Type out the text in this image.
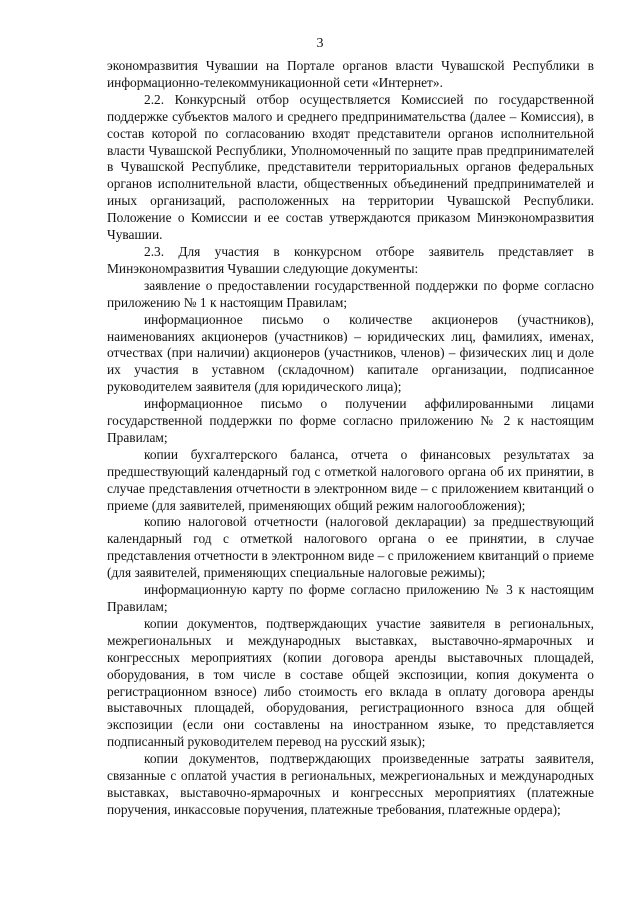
3

экономразвития Чувашии на Портале органов власти Чувашской Республики в информационно-телекоммуникационной сети «Интернет».

2.2. Конкурсный отбор осуществляется Комиссией по государственной поддержке субъектов малого и среднего предпринимательства (далее – Комиссия), в состав которой по согласованию входят представители органов исполнительной власти Чувашской Республики, Уполномоченный по защите прав предпринимателей в Чувашской Республике, представители территориальных органов федеральных органов исполнительной власти, общественных объединений предпринимателей и иных организаций, расположенных на территории Чувашской Республики. Положение о Комиссии и ее состав утверждаются приказом Минэкономразвития Чувашии.

2.3. Для участия в конкурсном отборе заявитель представляет в Минэкономразвития Чувашии следующие документы:

заявление о предоставлении государственной поддержки по форме согласно приложению № 1 к настоящим Правилам;

информационное письмо о количестве акционеров (участников), наименованиях акционеров (участников) – юридических лиц, фамилиях, именах, отчествах (при наличии) акционеров (участников, членов) – физических лиц и доле их участия в уставном (складочном) капитале организации, подписанное руководителем заявителя (для юридического лица);

информационное письмо о получении аффилированными лицами государственной поддержки по форме согласно приложению № 2 к настоящим Правилам;

копии бухгалтерского баланса, отчета о финансовых результатах за предшествующий календарный год с отметкой налогового органа об их принятии, в случае представления отчетности в электронном виде – с приложением квитанций о приеме (для заявителей, применяющих общий режим налогообложения);

копию налоговой отчетности (налоговой декларации) за предшествующий календарный год с отметкой налогового органа о ее принятии, в случае представления отчетности в электронном виде – с приложением квитанций о приеме (для заявителей, применяющих специальные налоговые режимы);

информационную карту по форме согласно приложению № 3 к настоящим Правилам;

копии документов, подтверждающих участие заявителя в региональных, межрегиональных и международных выставках, выставочно-ярмарочных и конгрессных мероприятиях (копии договора аренды выставочных площадей, оборудования, в том числе в составе общей экспозиции, копия документа о регистрационном взносе) либо стоимость его вклада в оплату договора аренды выставочных площадей, оборудования, регистрационного взноса для общей экспозиции (если они составлены на иностранном языке, то представляется подписанный руководителем перевод на русский язык);

копии документов, подтверждающих произведенные затраты заявителя, связанные с оплатой участия в региональных, межрегиональных и международных выставках, выставочно-ярмарочных и конгрессных мероприятиях (платежные поручения, инкассовые поручения, платежные требования, платежные ордера);
